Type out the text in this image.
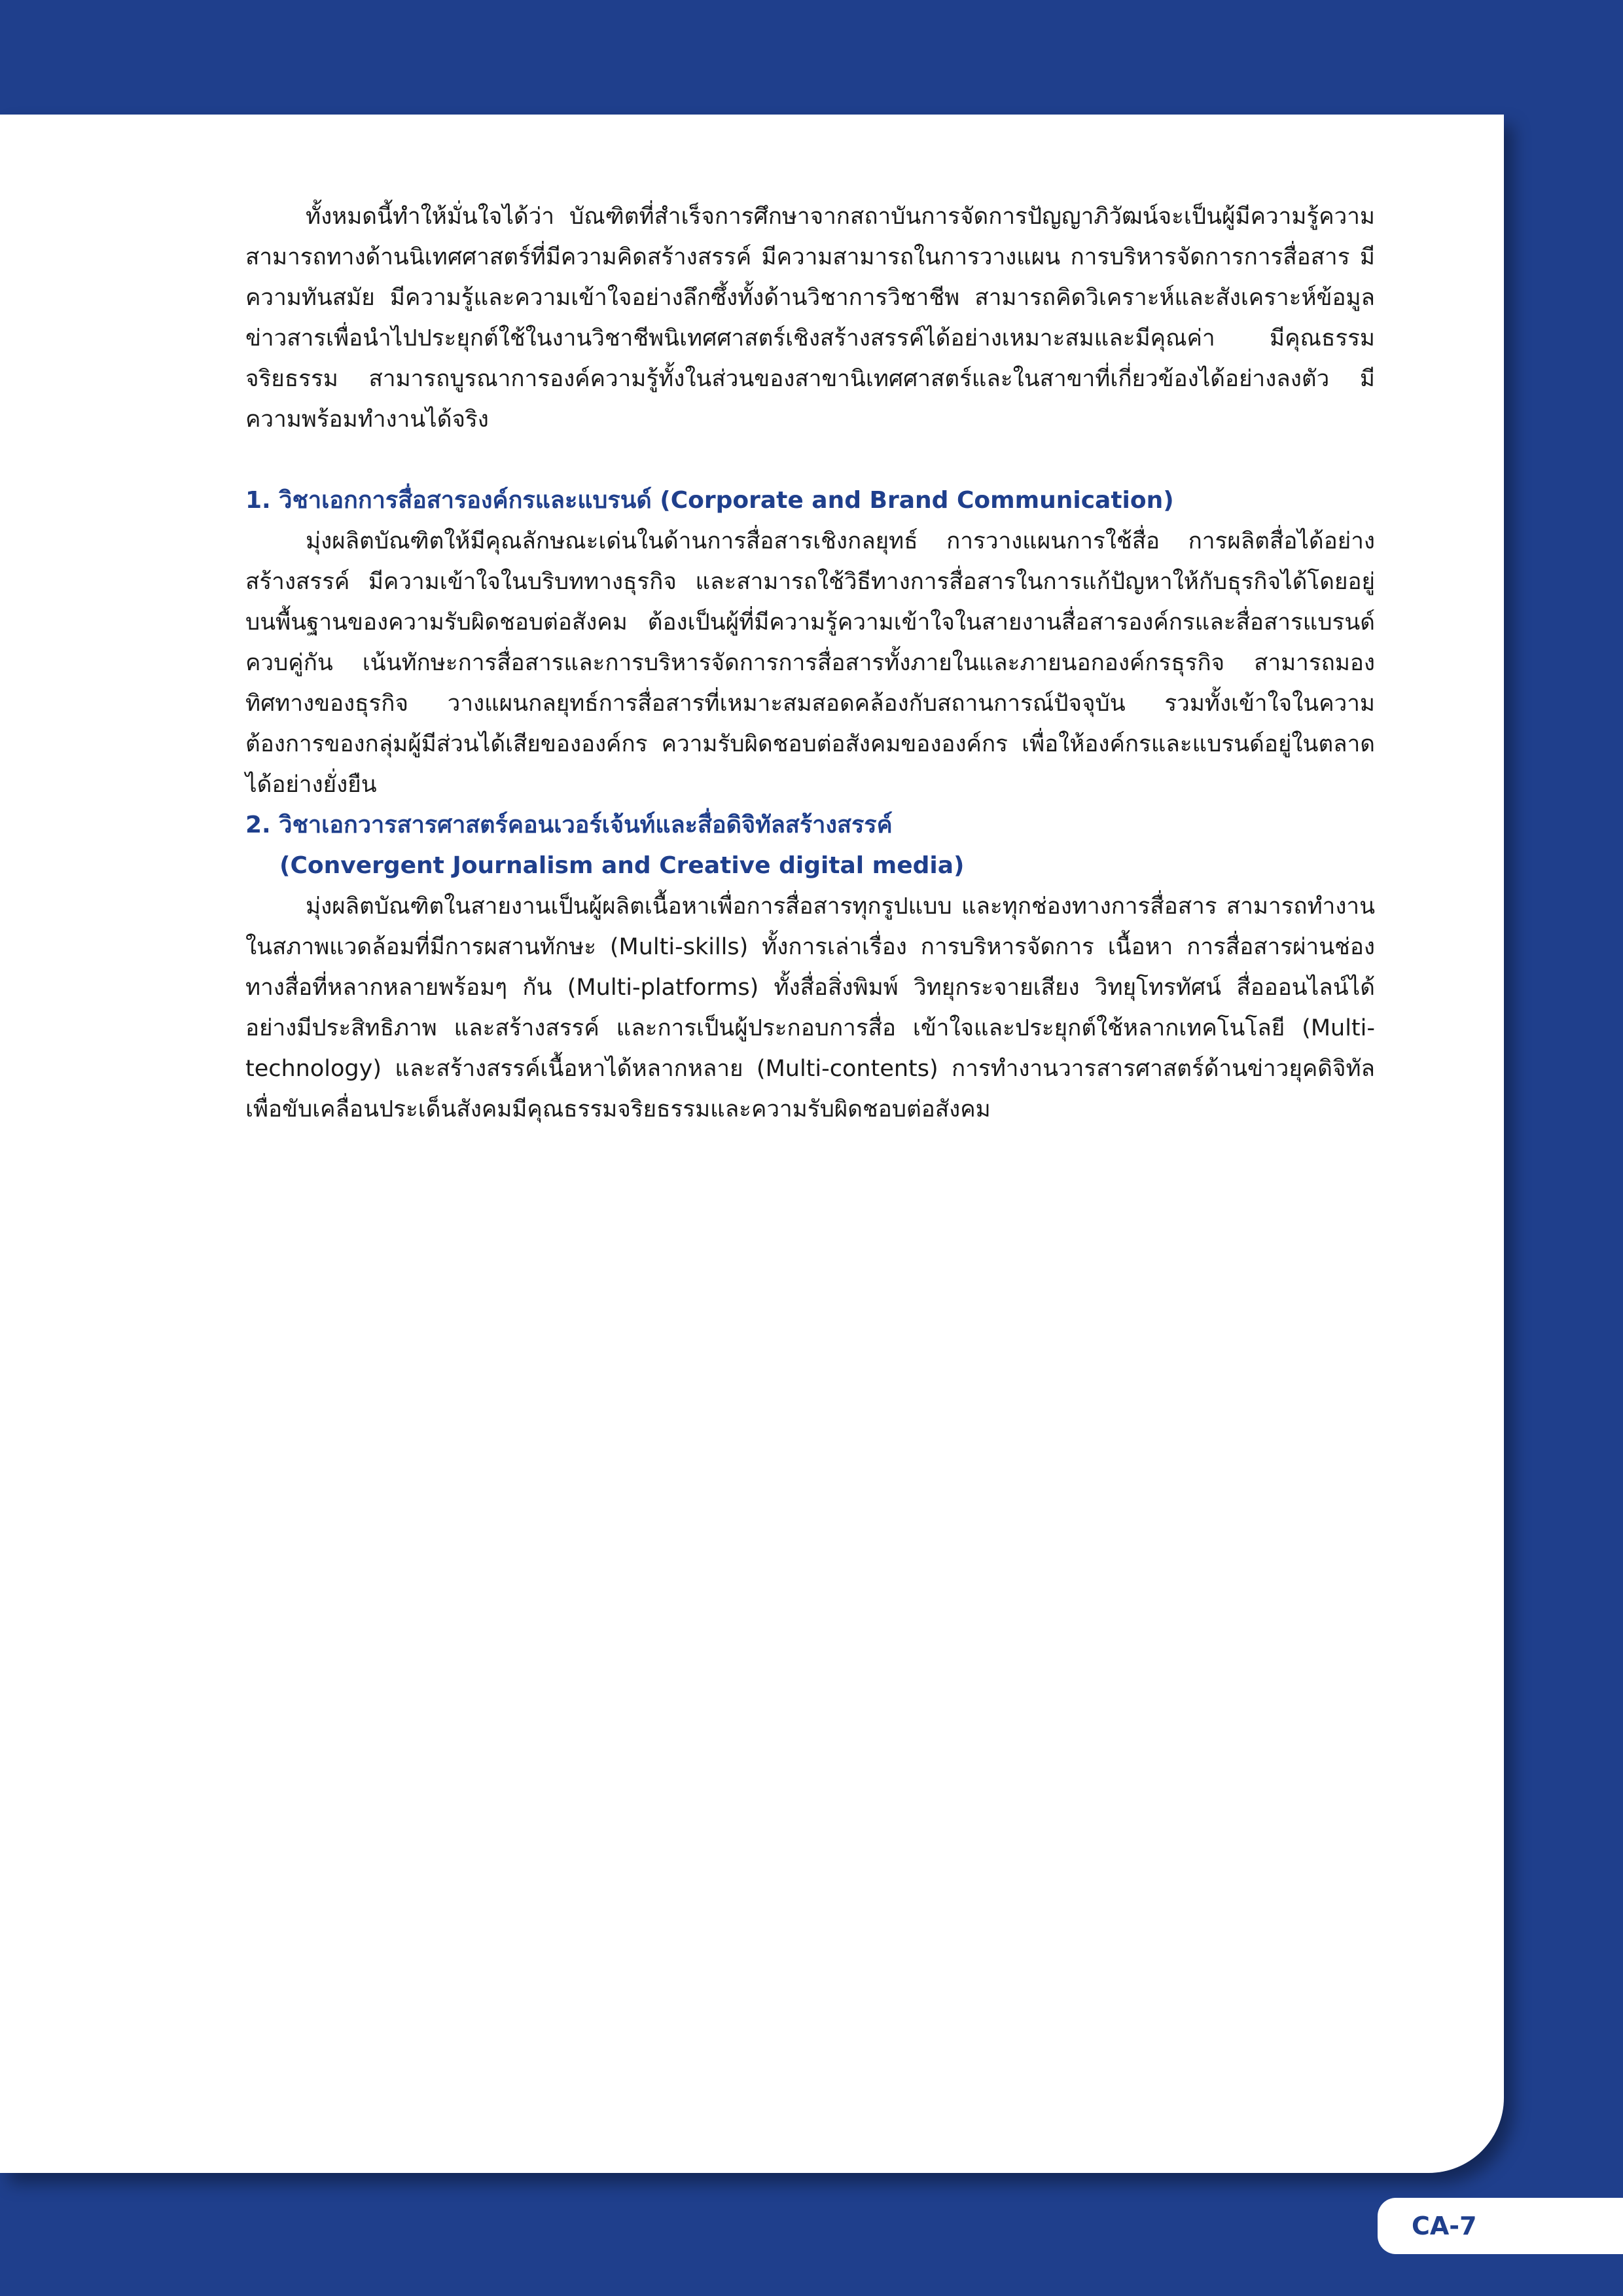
ทั้งหมดนี้ทำให้มั่นใจได้ว่า บัณฑิตที่สำเร็จการศึกษาจากสถาบันการจัดการปัญญาภิวัฒน์จะเป็นผู้มีความรู้ความสามารถทางด้านนิเทศศาสตร์ที่มีความคิดสร้างสรรค์ มีความสามารถในการวางแผน การบริหารจัดการการสื่อสาร มีความทันสมัย มีความรู้และความเข้าใจอย่างลึกซึ้งทั้งด้านวิชาการวิชาชีพ สามารถคิดวิเคราะห์และสังเคราะห์ข้อมูลข่าวสารเพื่อนำไปประยุกต์ใช้ในงานวิชาชีพนิเทศศาสตร์เชิงสร้างสรรค์ได้อย่างเหมาะสมและมีคุณค่า มีคุณธรรมจริยธรรม สามารถบูรณาการองค์ความรู้ทั้งในส่วนของสาขานิเทศศาสตร์และในสาขาที่เกี่ยวข้องได้อย่างลงตัว มีความพร้อมทำงานได้จริง

1. วิชาเอกการสื่อสารองค์กรและแบรนด์ (Corporate and Brand Communication)

มุ่งผลิตบัณฑิตให้มีคุณลักษณะเด่นในด้านการสื่อสารเชิงกลยุทธ์ การวางแผนการใช้สื่อ การผลิตสื่อได้อย่างสร้างสรรค์ มีความเข้าใจในบริบททางธุรกิจ และสามารถใช้วิธีทางการสื่อสารในการแก้ปัญหาให้กับธุรกิจได้โดยอยู่บนพื้นฐานของความรับผิดชอบต่อสังคม ต้องเป็นผู้ที่มีความรู้ความเข้าใจในสายงานสื่อสารองค์กรและสื่อสารแบรนด์ควบคู่กัน เน้นทักษะการสื่อสารและการบริหารจัดการการสื่อสารทั้งภายในและภายนอกองค์กรธุรกิจ สามารถมองทิศทางของธุรกิจ วางแผนกลยุทธ์การสื่อสารที่เหมาะสมสอดคล้องกับสถานการณ์ปัจจุบัน รวมทั้งเข้าใจในความต้องการของกลุ่มผู้มีส่วนได้เสียขององค์กร ความรับผิดชอบต่อสังคมขององค์กร เพื่อให้องค์กรและแบรนด์อยู่ในตลาดได้อย่างยั่งยืน

2. วิชาเอกวารสารศาสตร์คอนเวอร์เจ้นท์และสื่อดิจิทัลสร้างสรรค์
(Convergent Journalism and Creative digital media)

มุ่งผลิตบัณฑิตในสายงานเป็นผู้ผลิตเนื้อหาเพื่อการสื่อสารทุกรูปแบบ และทุกช่องทางการสื่อสาร สามารถทำงานในสภาพแวดล้อมที่มีการผสานทักษะ (Multi-skills) ทั้งการเล่าเรื่อง การบริหารจัดการ เนื้อหา การสื่อสารผ่านช่องทางสื่อที่หลากหลายพร้อมๆ กัน (Multi-platforms) ทั้งสื่อสิ่งพิมพ์ วิทยุกระจายเสียง วิทยุโทรทัศน์ สื่อออนไลน์ได้อย่างมีประสิทธิภาพ และสร้างสรรค์ และการเป็นผู้ประกอบการสื่อ เข้าใจและประยุกต์ใช้หลากเทคโนโลยี (Multi-technology) และสร้างสรรค์เนื้อหาได้หลากหลาย (Multi-contents) การทำงานวารสารศาสตร์ด้านข่าวยุคดิจิทัลเพื่อขับเคลื่อนประเด็นสังคมมีคุณธรรมจริยธรรมและความรับผิดชอบต่อสังคม

CA-7
